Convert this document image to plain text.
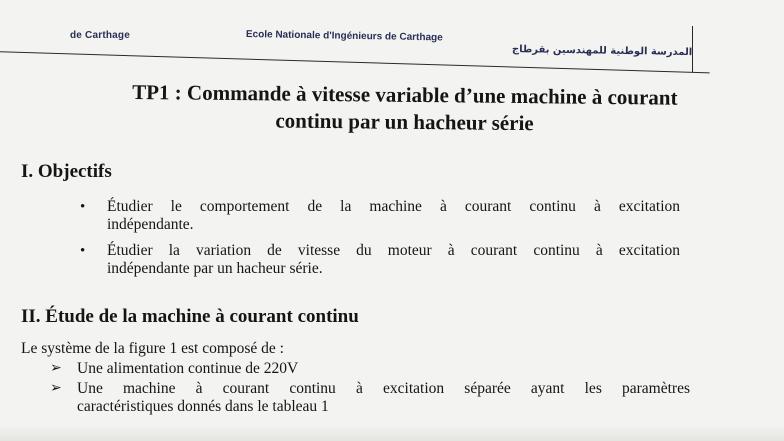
de Carthage	Ecole Nationale d'Ingénieurs de Carthage
المدرسة الوطنية للمهندسين بقرطاج
TP1 : Commande à vitesse variable d’une machine à courant
continu par un hacheur série
I. Objectifs
• Étudier le comportement de la machine à courant continu à excitation
indépendante.
• Étudier la variation de vitesse du moteur à courant continu à excitation
indépendante par un hacheur série.
II. Étude de la machine à courant continu
Le système de la figure 1 est composé de :
➢ Une alimentation continue de 220V
➢ Une machine à courant continu à excitation séparée ayant les paramètres
caractéristiques donnés dans le tableau 1
